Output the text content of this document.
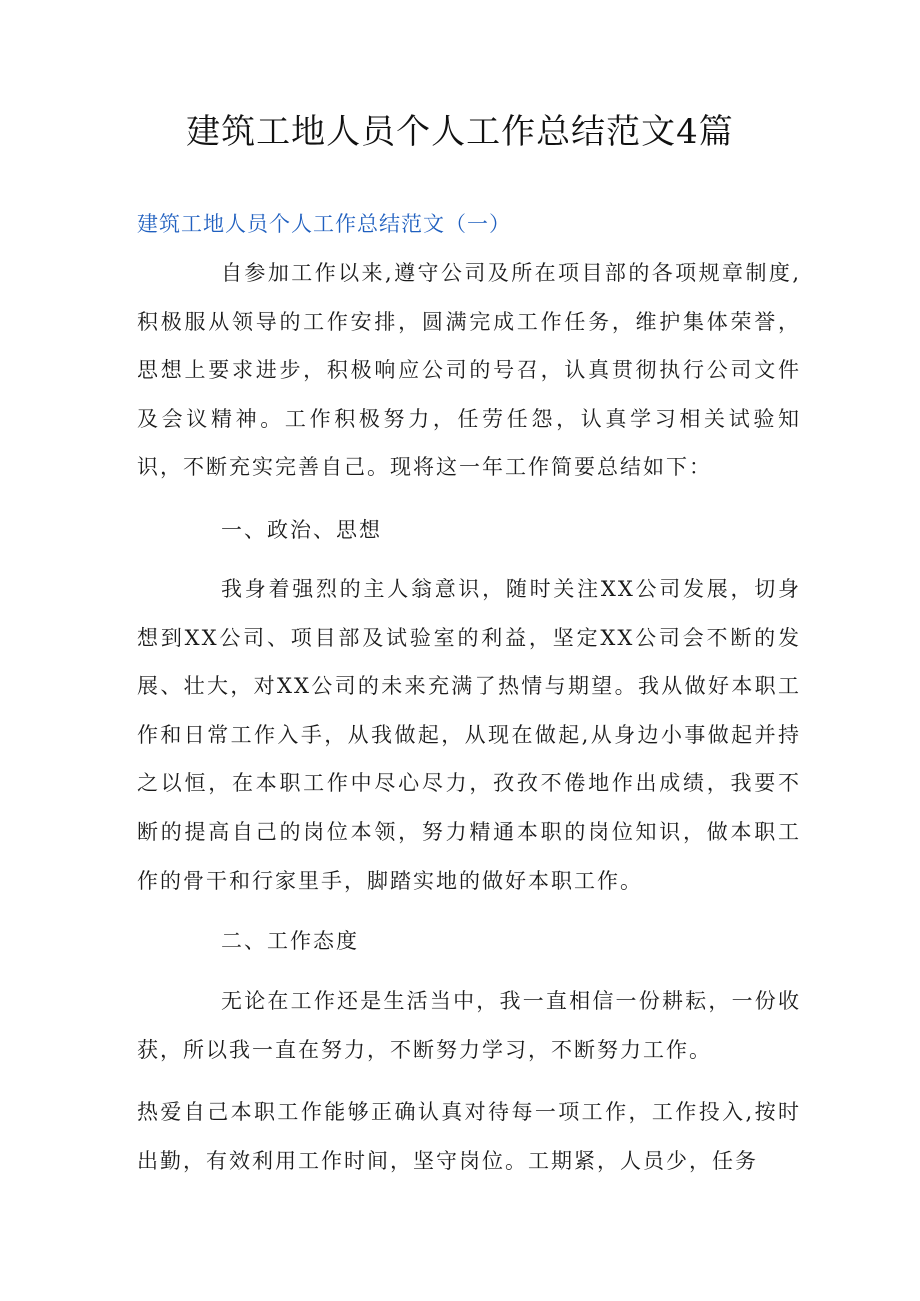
建筑工地人员个人工作总结范文4篇
建筑工地人员个人工作总结范文（一）

自参加工作以来,遵守公司及所在项目部的各项规章制度,积极服从领导的工作安排，圆满完成工作任务，维护集体荣誉，思想上要求进步，积极响应公司的号召，认真贯彻执行公司文件及会议精神。工作积极努力，任劳任怨，认真学习相关试验知识，不断充实完善自己。现将这一年工作简要总结如下：

一、政治、思想

我身着强烈的主人翁意识，随时关注XX公司发展，切身想到XX公司、项目部及试验室的利益，坚定XX公司会不断的发展、壮大，对XX公司的未来充满了热情与期望。我从做好本职工作和日常工作入手，从我做起，从现在做起,从身边小事做起并持之以恒，在本职工作中尽心尽力，孜孜不倦地作出成绩，我要不断的提高自己的岗位本领，努力精通本职的岗位知识，做本职工作的骨干和行家里手，脚踏实地的做好本职工作。

二、工作态度

无论在工作还是生活当中，我一直相信一份耕耘，一份收获，所以我一直在努力，不断努力学习，不断努力工作。

热爱自己本职工作能够正确认真对待每一项工作，工作投入,按时出勤，有效利用工作时间，坚守岗位。工期紧，人员少，任务
